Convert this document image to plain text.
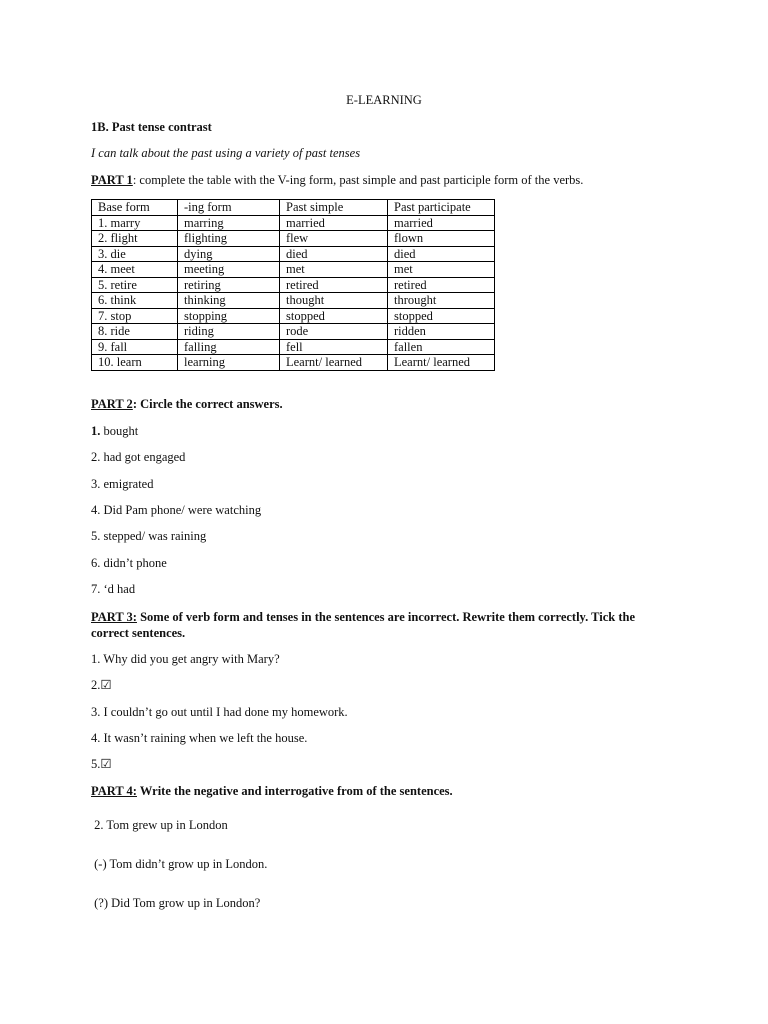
E-LEARNING
1B. Past tense contrast
I can talk about the past using a variety of past tenses
PART 1: complete the table with the V-ing form, past simple and past participle form of the verbs.
Base form	-ing form	Past simple	Past participate
1. marry	marring	married	married
2. flight	flighting	flew	flown
3. die	dying	died	died
4. meet	meeting	met	met
5. retire	retiring	retired	retired
6. think	thinking	thought	throught
7. stop	stopping	stopped	stopped
8. ride	riding	rode	ridden
9. fall	falling	fell	fallen
10. learn	learning	Learnt/ learned	Learnt/ learned
PART 2: Circle the correct answers.
1. bought
2. had got engaged
3. emigrated
4. Did Pam phone/ were watching
5. stepped/ was raining
6. didn’t phone
7. ‘d had
PART 3: Some of verb form and tenses in the sentences are incorrect. Rewrite them correctly. Tick the correct sentences.
1. Why did you get angry with Mary?
2.☑
3. I couldn’t go out until I had done my homework.
4. It wasn’t raining when we left the house.
5.☑
PART 4: Write the negative and interrogative from of the sentences.
2. Tom grew up in London
(-) Tom didn’t grow up in London.
(?) Did Tom grow up in London?
